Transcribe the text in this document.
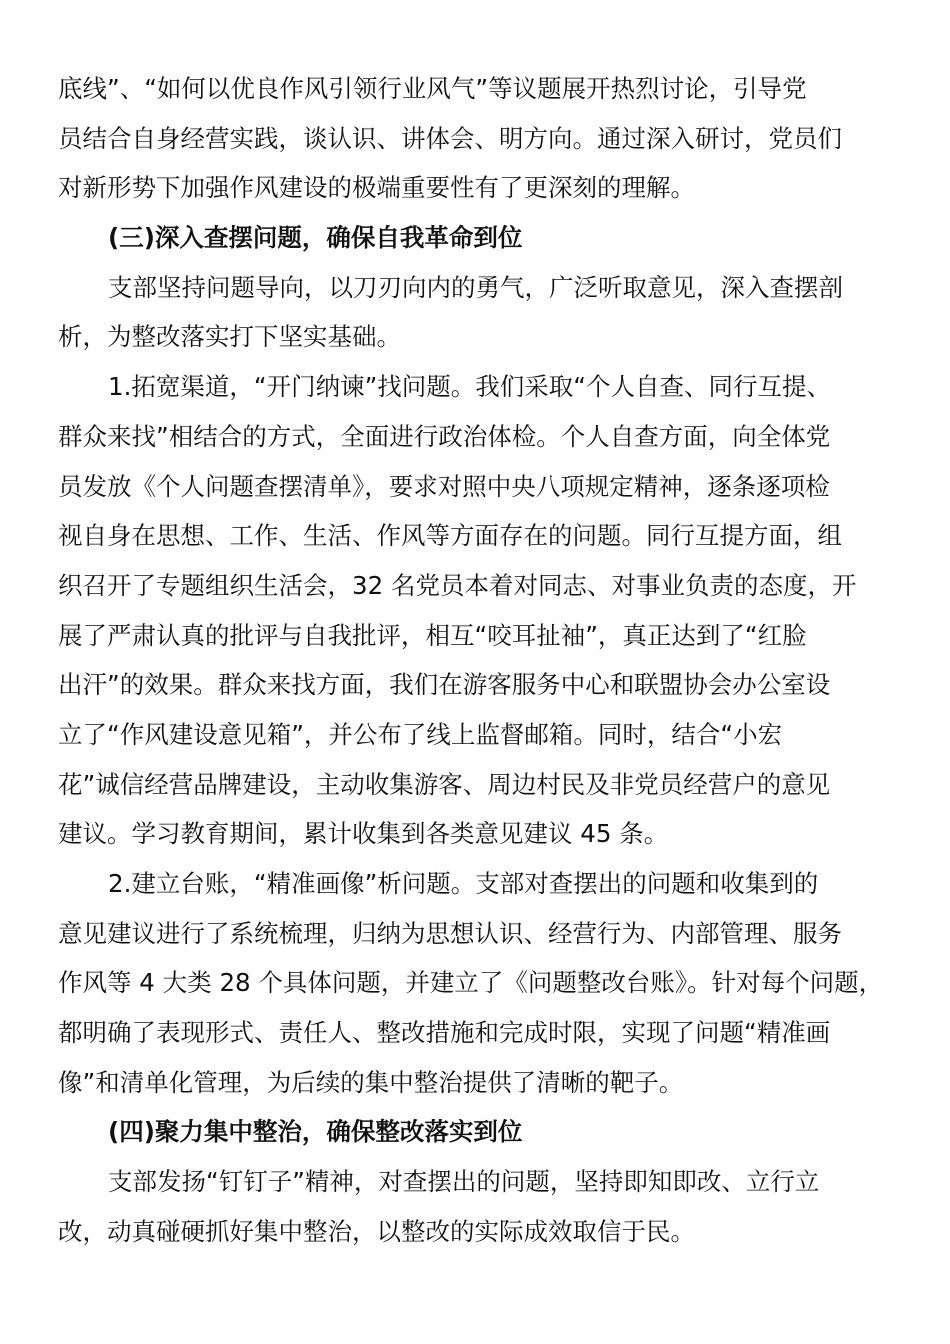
底线”、“如何以优良作风引领行业风气”等议题展开热烈讨论，引导党
员结合自身经营实践，谈认识、讲体会、明方向。通过深入研讨，党员们
对新形势下加强作风建设的极端重要性有了更深刻的理解。
(三)深入查摆问题，确保自我革命到位
支部坚持问题导向，以刀刃向内的勇气，广泛听取意见，深入查摆剖
析，为整改落实打下坚实基础。
1.拓宽渠道，“开门纳谏”找问题。我们采取“个人自查、同行互提、
群众来找”相结合的方式，全面进行政治体检。个人自查方面，向全体党
员发放《个人问题查摆清单》，要求对照中央八项规定精神，逐条逐项检
视自身在思想、工作、生活、作风等方面存在的问题。同行互提方面，组
织召开了专题组织生活会，32 名党员本着对同志、对事业负责的态度，开
展了严肃认真的批评与自我批评，相互“咬耳扯袖”，真正达到了“红脸
出汗”的效果。群众来找方面，我们在游客服务中心和联盟协会办公室设
立了“作风建设意见箱”，并公布了线上监督邮箱。同时，结合“小宏
花”诚信经营品牌建设，主动收集游客、周边村民及非党员经营户的意见
建议。学习教育期间，累计收集到各类意见建议 45 条。
2.建立台账，“精准画像”析问题。支部对查摆出的问题和收集到的
意见建议进行了系统梳理，归纳为思想认识、经营行为、内部管理、服务
作风等 4 大类 28 个具体问题，并建立了《问题整改台账》。针对每个问题，
都明确了表现形式、责任人、整改措施和完成时限，实现了问题“精准画
像”和清单化管理，为后续的集中整治提供了清晰的靶子。
(四)聚力集中整治，确保整改落实到位
支部发扬“钉钉子”精神，对查摆出的问题，坚持即知即改、立行立
改，动真碰硬抓好集中整治，以整改的实际成效取信于民。
